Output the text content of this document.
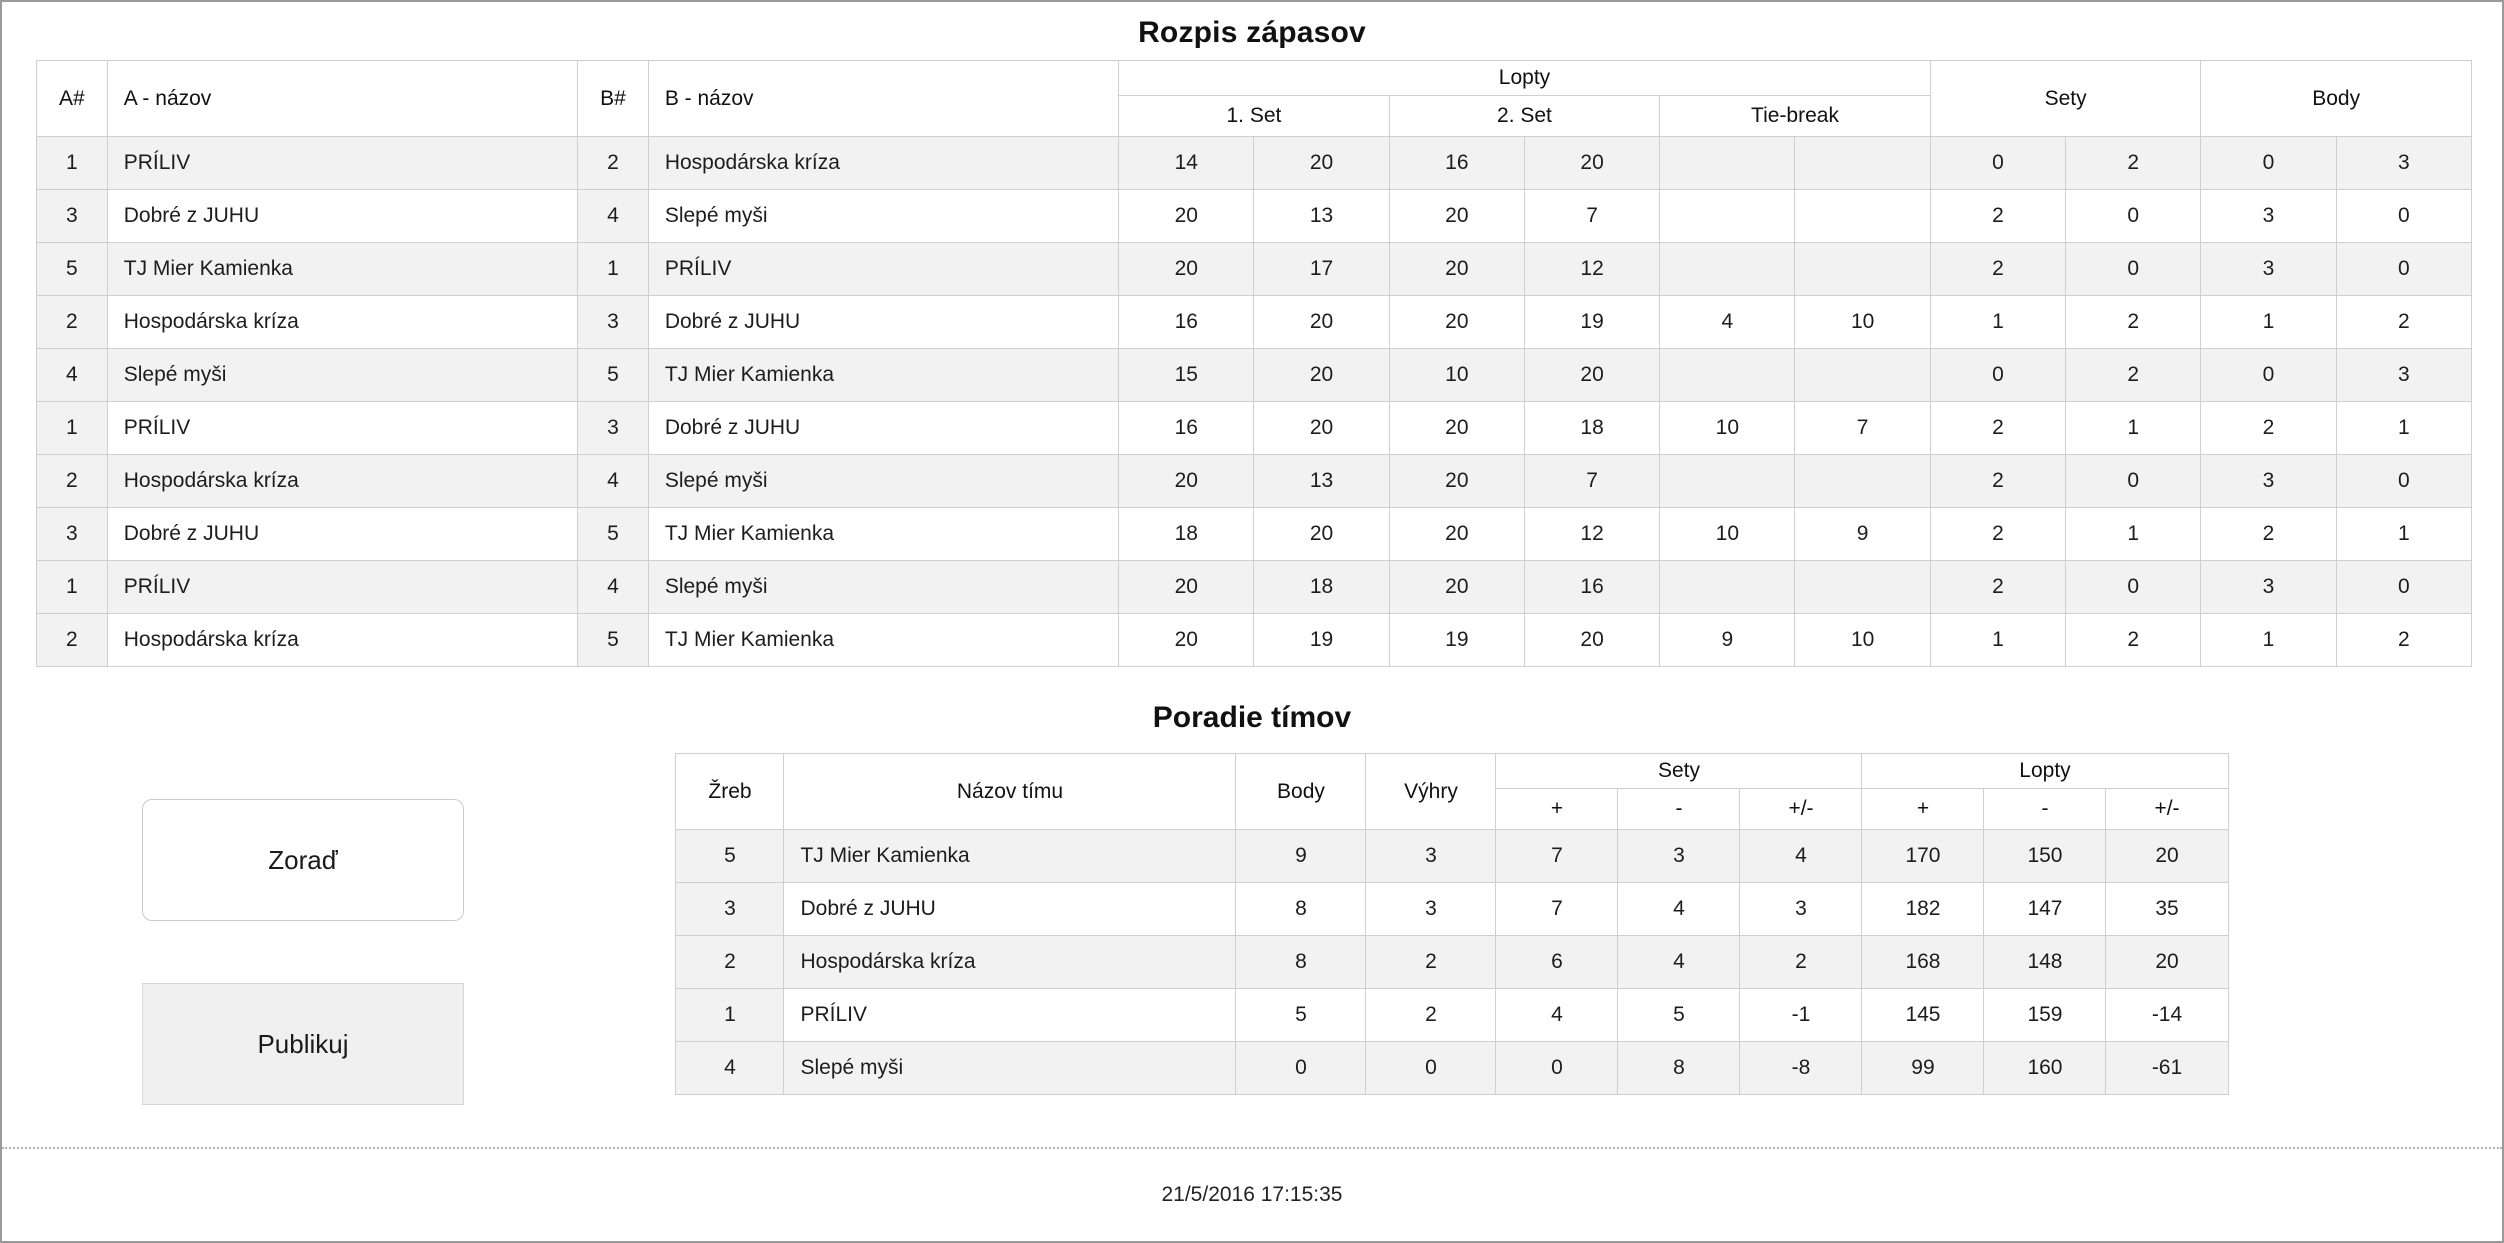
Rozpis zápasov
A#	A - názov	B#	B - názov	Lopty						Sety		Body	
				1. Set		2. Set		Tie-break					
1	PRÍLIV	2	Hospodárska kríza	14	20	16	20			0	2	0	3
3	Dobré z JUHU	4	Slepé myši	20	13	20	7			2	0	3	0
5	TJ Mier Kamienka	1	PRÍLIV	20	17	20	12			2	0	3	0
2	Hospodárska kríza	3	Dobré z JUHU	16	20	20	19	4	10	1	2	1	2
4	Slepé myši	5	TJ Mier Kamienka	15	20	10	20			0	2	0	3
1	PRÍLIV	3	Dobré z JUHU	16	20	20	18	10	7	2	1	2	1
2	Hospodárska kríza	4	Slepé myši	20	13	20	7			2	0	3	0
3	Dobré z JUHU	5	TJ Mier Kamienka	18	20	20	12	10	9	2	1	2	1
1	PRÍLIV	4	Slepé myši	20	18	20	16			2	0	3	0
2	Hospodárska kríza	5	TJ Mier Kamienka	20	19	19	20	9	10	1	2	1	2
Poradie tímov
Zoraď
Publikuj
Žreb	Názov tímu	Body	Výhry	Sety			Lopty		
				+	-	+/-	+	-	+/-
5	TJ Mier Kamienka	9	3	7	3	4	170	150	20
3	Dobré z JUHU	8	3	7	4	3	182	147	35
2	Hospodárska kríza	8	2	6	4	2	168	148	20
1	PRÍLIV	5	2	4	5	-1	145	159	-14
4	Slepé myši	0	0	0	8	-8	99	160	-61
21/5/2016 17:15:35
